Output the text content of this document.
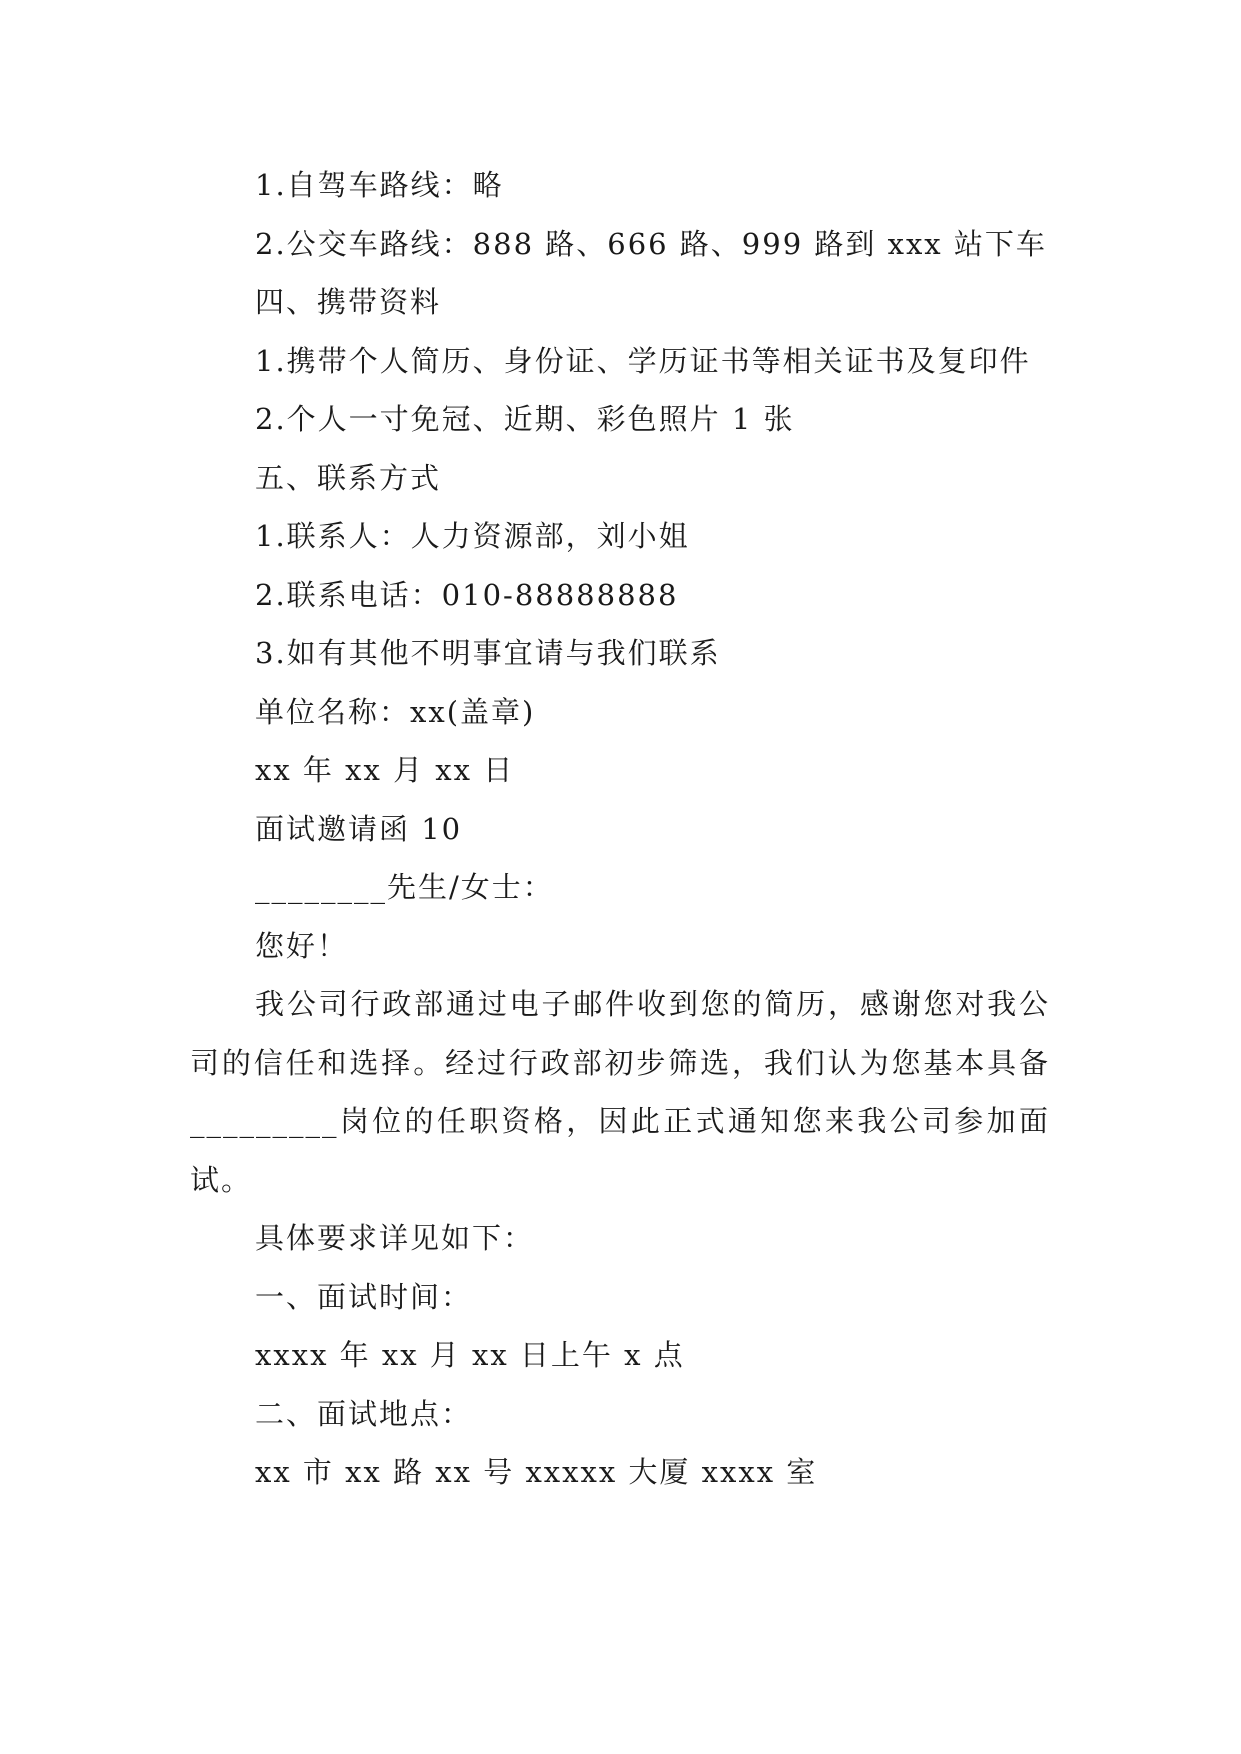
1.自驾车路线：略
2.公交车路线：888 路、666 路、999 路到 xxx 站下车
四、携带资料
1.携带个人简历、身份证、学历证书等相关证书及复印件
2.个人一寸免冠、近期、彩色照片 1 张
五、联系方式
1.联系人：人力资源部，刘小姐
2.联系电话：010-88888888
3.如有其他不明事宜请与我们联系
单位名称：xx(盖章)
xx 年 xx 月 xx 日
面试邀请函 10
________先生/女士：
您好！
我公司行政部通过电子邮件收到您的简历，感谢您对我公司的信任和选择。经过行政部初步筛选，我们认为您基本具备_________岗位的任职资格，因此正式通知您来我公司参加面试。
具体要求详见如下：
一、面试时间：
xxxx 年 xx 月 xx 日上午 x 点
二、面试地点：
xx 市 xx 路 xx 号 xxxxx 大厦 xxxx 室
